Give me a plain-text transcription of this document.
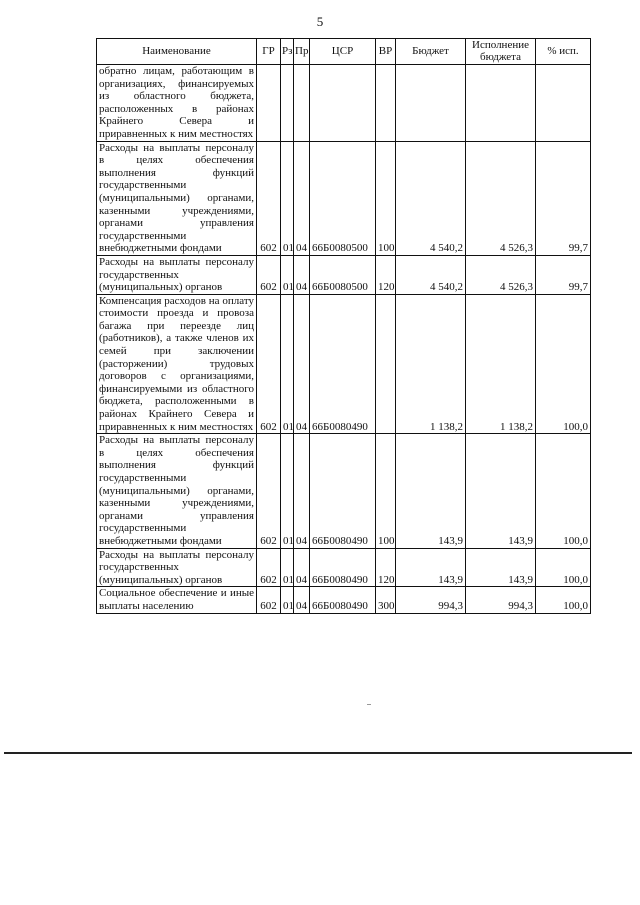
5
Наименование	ГР	Рз	Пр	ЦСР	ВР	Бюджет	Исполнение бюджета	% исп.
обратно лицам, работающим в организациях, финансируемых из областного бюджета, расположенных в районах Крайнего Севера и приравненных к ним местностях								
Расходы на выплаты персоналу в целях обеспечения выполнения функций государственными (муниципальными) органами, казенными учреждениями, органами управления государственными внебюджетными фондами	602	01	04	66Б0080500	100	4 540,2	4 526,3	99,7
Расходы на выплаты персоналу государственных (муниципальных) органов	602	01	04	66Б0080500	120	4 540,2	4 526,3	99,7
Компенсация расходов на оплату стоимости проезда и провоза багажа при переезде лиц (работников), а также членов их семей при заключении (расторжении) трудовых договоров с организациями, финансируемыми из областного бюджета, расположенными в районах Крайнего Севера и приравненных к ним местностях	602	01	04	66Б0080490		1 138,2	1 138,2	100,0
Расходы на выплаты персоналу в целях обеспечения выполнения функций государственными (муниципальными) органами, казенными учреждениями, органами управления государственными внебюджетными фондами	602	01	04	66Б0080490	100	143,9	143,9	100,0
Расходы на выплаты персоналу государственных (муниципальных) органов	602	01	04	66Б0080490	120	143,9	143,9	100,0
Социальное обеспечение и иные выплаты населению	602	01	04	66Б0080490	300	994,3	994,3	100,0
